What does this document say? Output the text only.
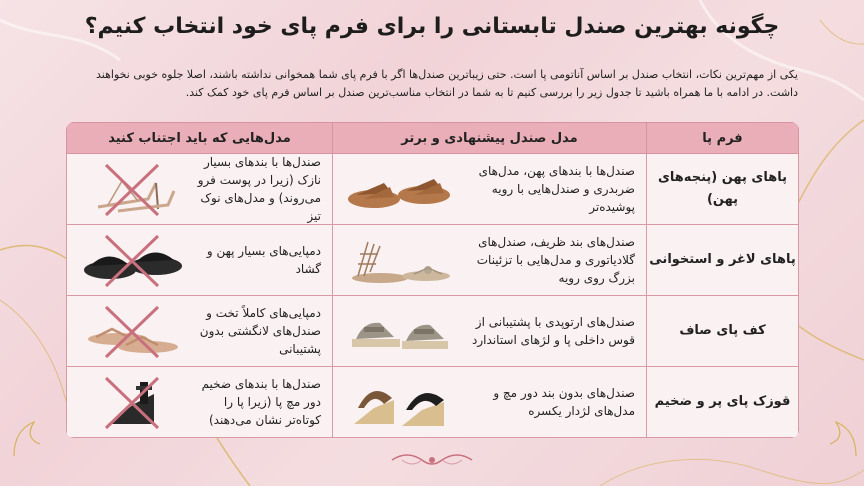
چگونه بهترین صندل تابستانی را برای فرم پای خود انتخاب کنیم؟

یکی از مهم‌ترین نکات، انتخاب صندل بر اساس آناتومی پا است. حتی زیباترین صندل‌ها اگر با فرم پای شما همخوانی نداشته باشند، اصلا جلوه خوبی نخواهند داشت. در ادامه با ما همراه باشید تا جدول زیر را بررسی کنیم تا به شما در انتخاب مناسب‌ترین صندل بر اساس فرم پای خود کمک کند.

فرم پا	مدل صندل پیشنهادی و برتر	مدل‌هایی که باید اجتناب کنید
پاهای پهن (پنجه‌های پهن)	صندل‌ها با بندهای پهن، مدل‌های ضربدری و صندل‌هایی با رویه پوشیده‌تر	صندل‌ها با بندهای بسیار نازک (زیرا در پوست فرو می‌روند) و مدل‌های نوک تیز

پاهای لاغر و استخوانی	صندل‌های بند ظریف، صندل‌های گلادیاتوری و مدل‌هایی با تزئینات بزرگ روی رویه	دمپایی‌های بسیار پهن و گشاد

کف پای صاف	صندل‌های ارتوپدی با پشتیبانی از قوس داخلی پا و لژهای استاندارد	دمپایی‌های کاملاً تخت و صندل‌های لانگشتی بدون پشتیبانی

قوزک پای پر و ضخیم	صندل‌های بدون بند دور مچ و مدل‌های لژدار یکسره	صندل‌ها با بندهای ضخیم دور مچ پا (زیرا پا را کوتاه‌تر نشان می‌دهند)
